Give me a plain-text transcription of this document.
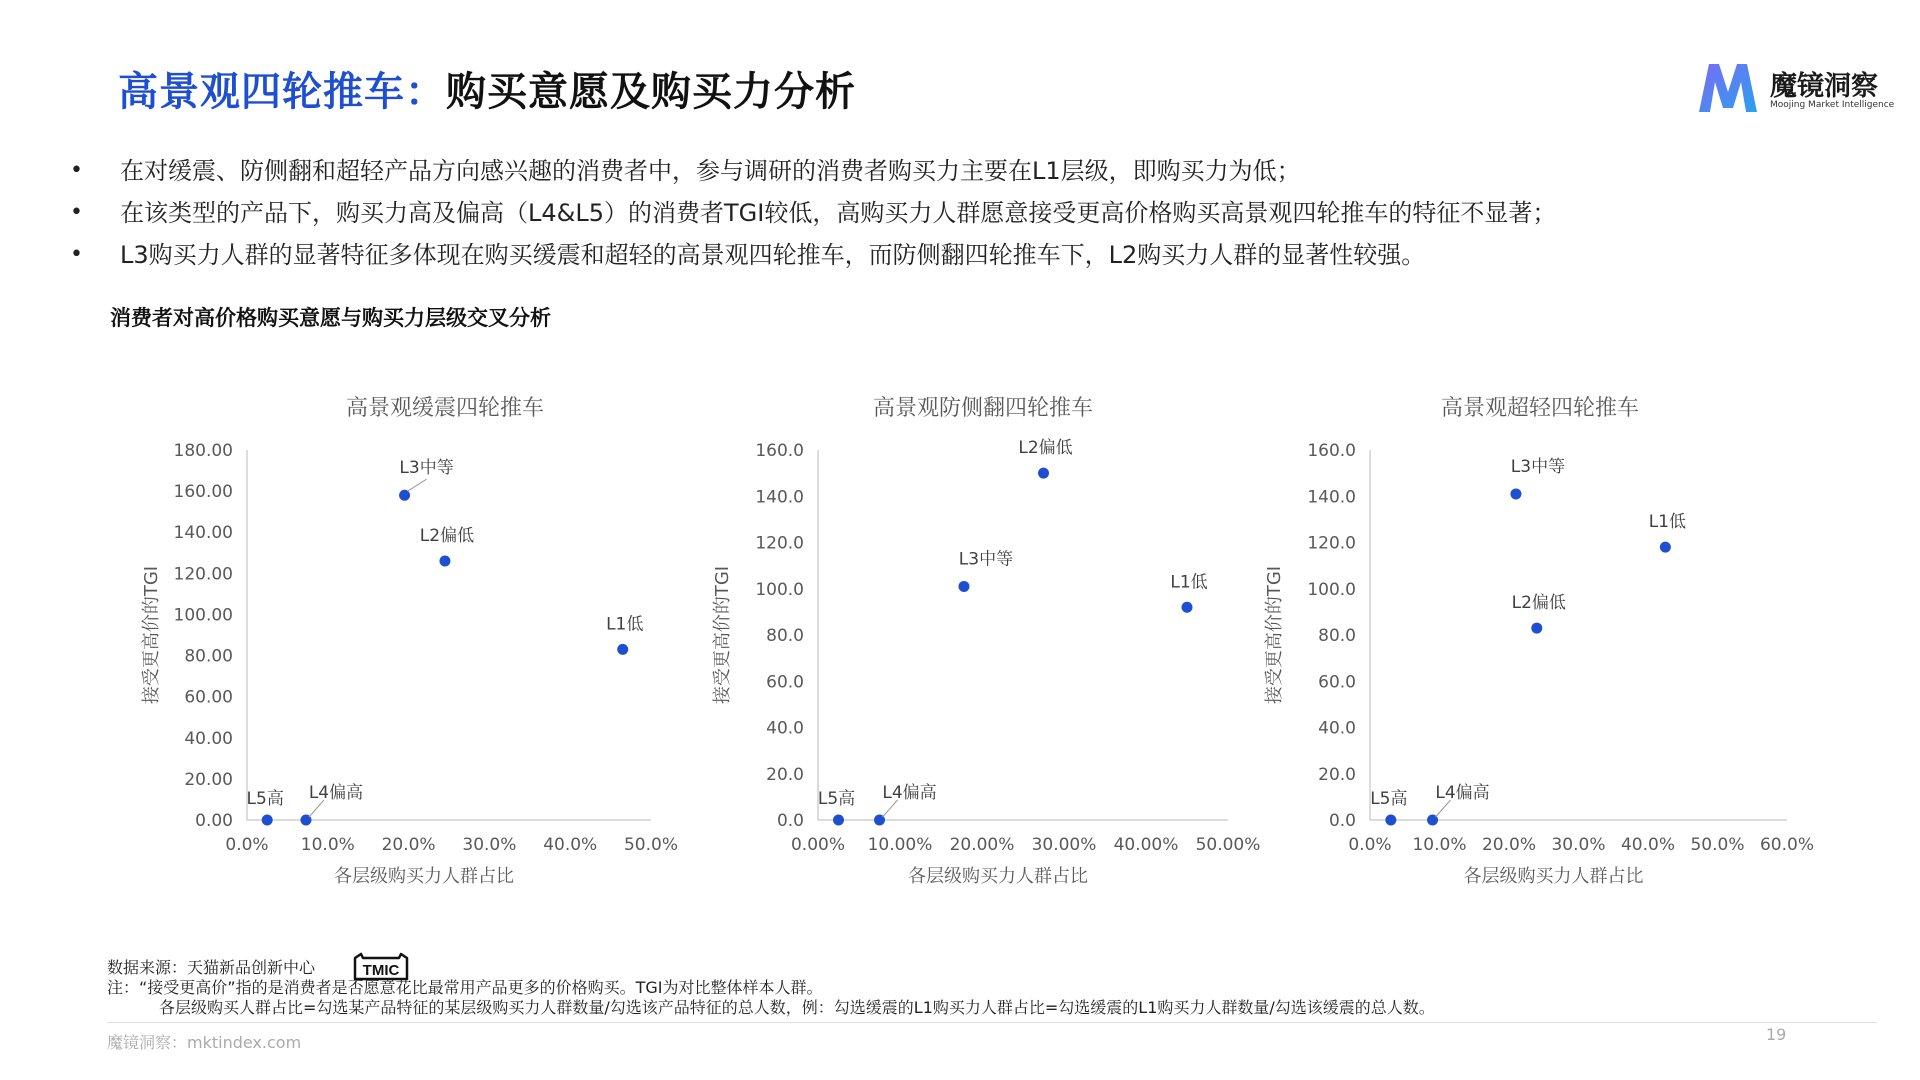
高景观四轮推车：购买意愿及购买力分析	魔镜洞察
Moojing Market Intelligence
• 在对缓震、防侧翻和超轻产品方向感兴趣的消费者中，参与调研的消费者购买力主要在L1层级，即购买力为低；
• 在该类型的产品下，购买力高及偏高（L4&L5）的消费者TGI较低，高购买力人群愿意接受更高价格购买高景观四轮推车的特征不显著；
• L3购买力人群的显著特征多体现在购买缓震和超轻的高景观四轮推车，而防侧翻四轮推车下，L2购买力人群的显著性较强。
消费者对高价格购买意愿与购买力层级交叉分析
高景观缓震四轮推车
0.00
20.00
40.00
60.00
80.00
100.00
120.00
140.00
160.00
180.00
0.0% 10.0% 20.0% 30.0% 40.0% 50.0%
各层级购买力人群占比
接受更高价的TGI
L5高 L4偏高
L3中等
L2偏低
L1低
高景观防侧翻四轮推车
0.0
20.0
40.0
60.0
80.0
100.0
120.0
140.0
160.0
0.00% 10.00% 20.00% 30.00% 40.00% 50.00%
各层级购买力人群占比
接受更高价的TGI
L5高 L4偏高
L3中等
L2偏低
L1低
高景观超轻四轮推车
0.0
20.0
40.0
60.0
80.0
100.0
120.0
140.0
160.0
0.0% 10.0% 20.0% 30.0% 40.0% 50.0% 60.0%
各层级购买力人群占比
接受更高价的TGI
L5高 L4偏高
L3中等
L2偏低
L1低
数据来源：天猫新品创新中心
注：“接受更高价”指的是消费者是否愿意花比最常用产品更多的价格购买。TGI为对比整体样本人群。
各层级购买人群占比=勾选某产品特征的某层级购买力人群数量/勾选该产品特征的总人数，例：勾选缓震的L1购买力人群占比=勾选缓震的L1购买力人群数量/勾选该缓震的总人数。
TMIC
魔镜洞察：mktindex.com	19
